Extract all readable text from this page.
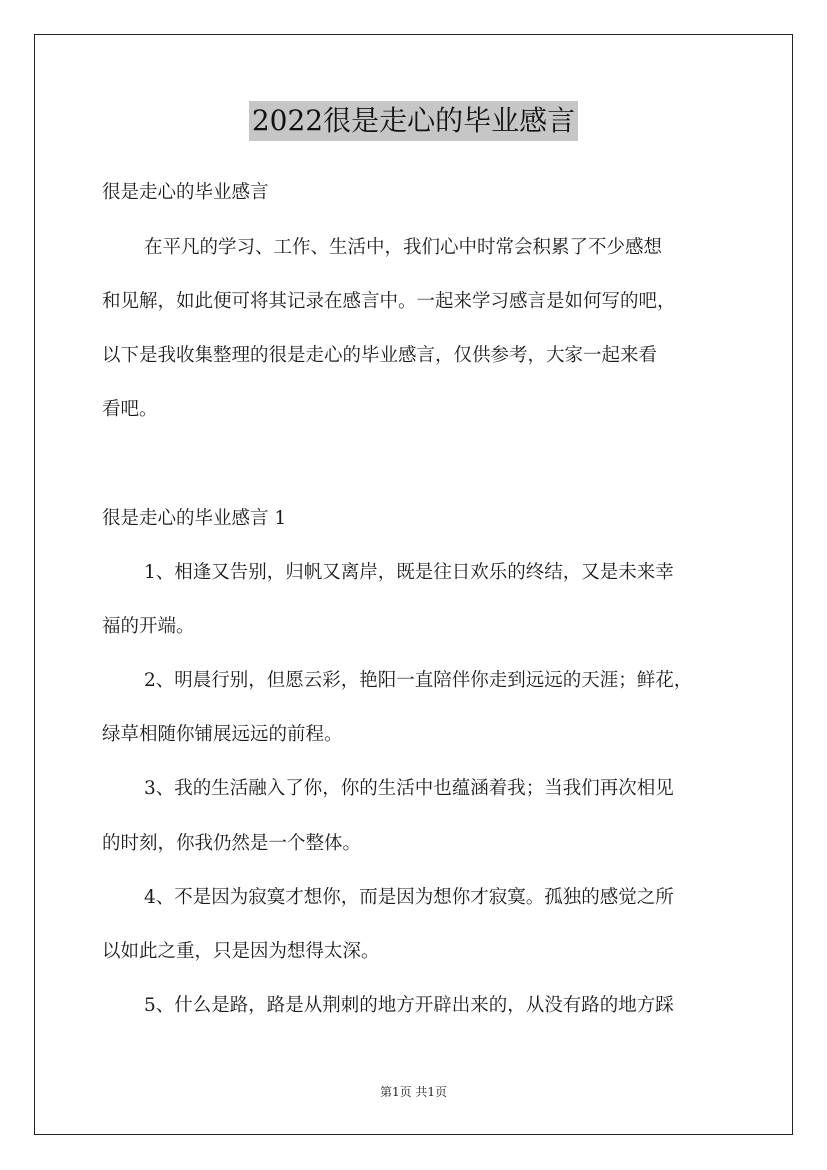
2022很是走心的毕业感言
很是走心的毕业感言
在平凡的学习、工作、生活中，我们心中时常会积累了不少感想
和见解，如此便可将其记录在感言中。一起来学习感言是如何写的吧，
以下是我收集整理的很是走心的毕业感言，仅供参考，大家一起来看
看吧。
很是走心的毕业感言 1
1、相逢又告别，归帆又离岸，既是往日欢乐的终结，又是未来幸
福的开端。
2、明晨行别，但愿云彩，艳阳一直陪伴你走到远远的天涯；鲜花，
绿草相随你铺展远远的前程。
3、我的生活融入了你，你的生活中也蕴涵着我；当我们再次相见
的时刻，你我仍然是一个整体。
4、不是因为寂寞才想你，而是因为想你才寂寞。孤独的感觉之所
以如此之重，只是因为想得太深。
5、什么是路，路是从荆刺的地方开辟出来的，从没有路的地方踩
第1页 共1页
